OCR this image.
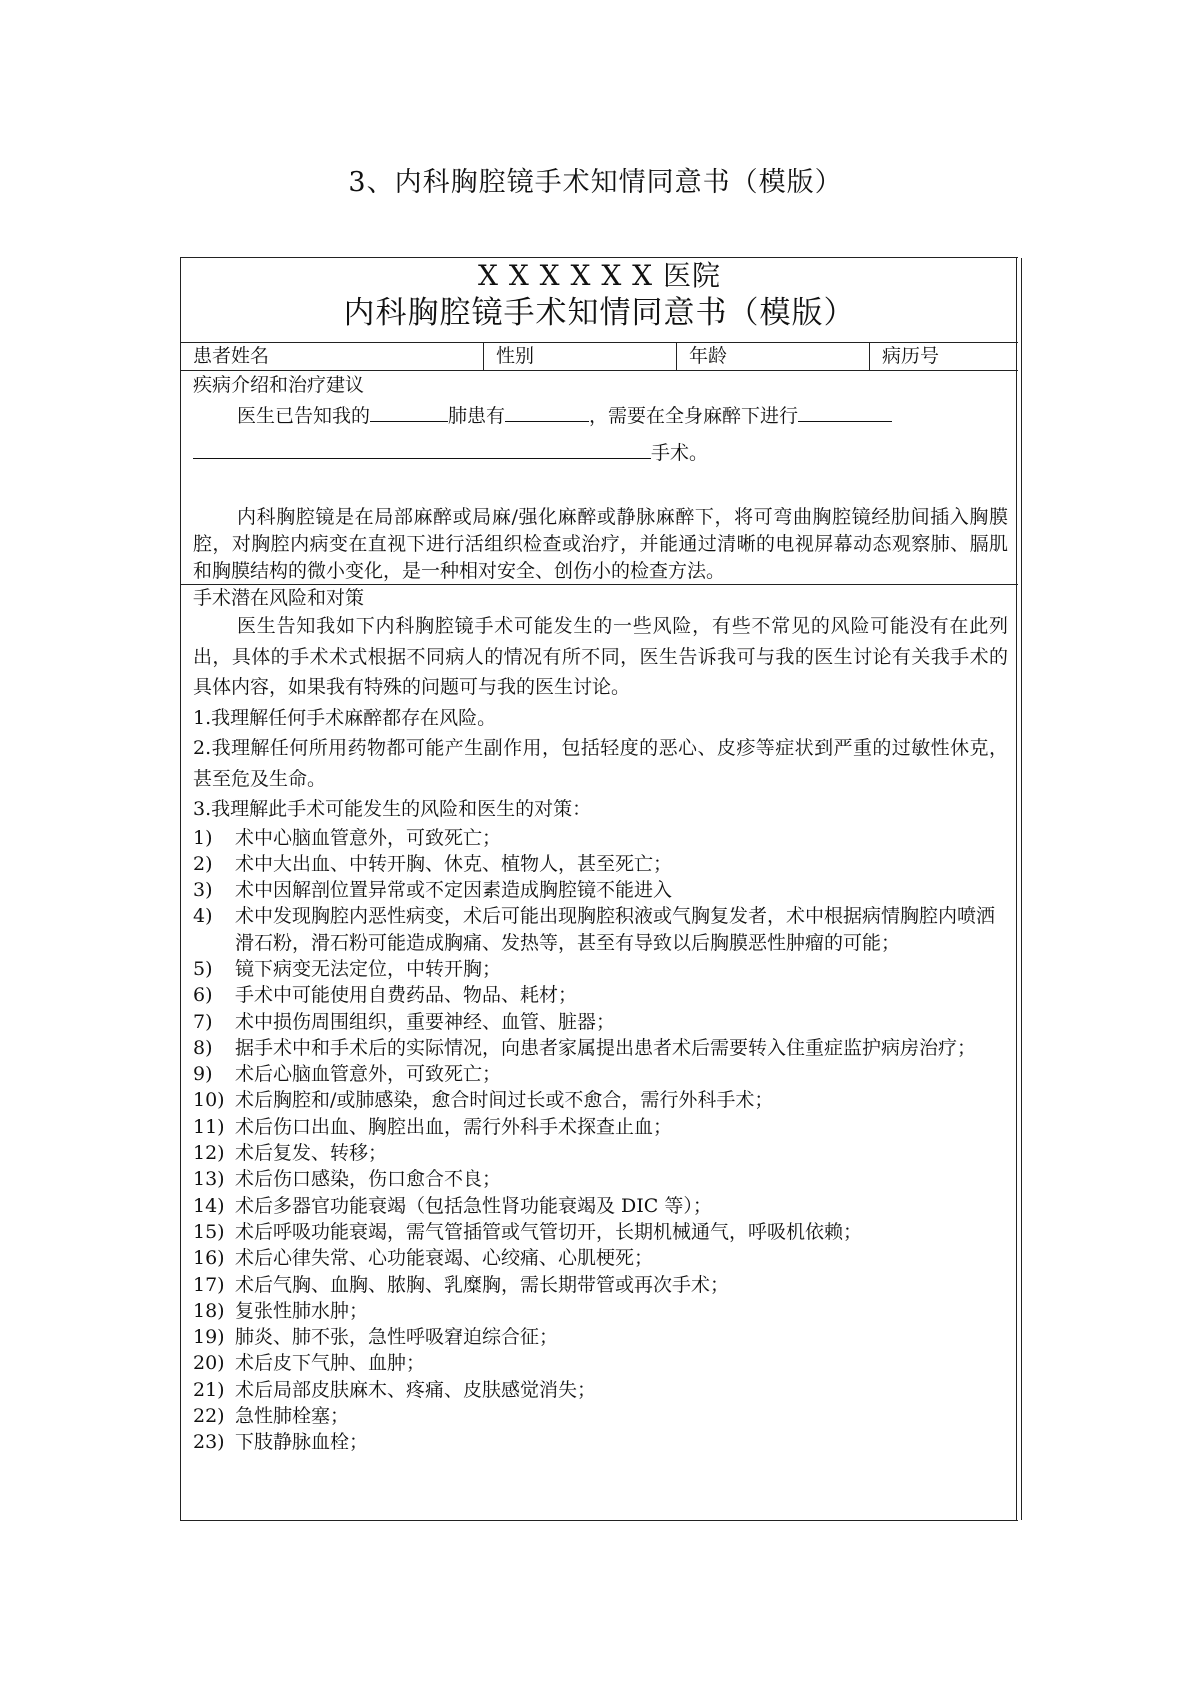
3、内科胸腔镜手术知情同意书（模版）
X X X X X X 医院
内科胸腔镜手术知情同意书（模版）
患者姓名	性别	年龄	病历号
疾病介绍和治疗建议
医生已告知我的	肺患有	，需要在全身麻醉下进行
手术。
内科胸腔镜是在局部麻醉或局麻/强化麻醉或静脉麻醉下，将可弯曲胸腔镜经肋间插入胸膜腔，对胸腔内病变在直视下进行活组织检查或治疗，并能通过清晰的电视屏幕动态观察肺、膈肌和胸膜结构的微小变化，是一种相对安全、创伤小的检查方法。
手术潜在风险和对策

医生告知我如下内科胸腔镜手术可能发生的一些风险，有些不常见的风险可能没有在此列出，具体的手术术式根据不同病人的情况有所不同，医生告诉我可与我的医生讨论有关我手术的具体内容，如果我有特殊的问题可与我的医生讨论。

1.我理解任何手术麻醉都存在风险。

2.我理解任何所用药物都可能产生副作用，包括轻度的恶心、皮疹等症状到严重的过敏性休克，甚至危及生命。

3.我理解此手术可能发生的风险和医生的对策：

1)	术中心脑血管意外，可致死亡；
2)	术中大出血、中转开胸、休克、植物人，甚至死亡；
3)	术中因解剖位置异常或不定因素造成胸腔镜不能进入
4)	术中发现胸腔内恶性病变，术后可能出现胸腔积液或气胸复发者，术中根据病情胸腔内喷洒滑石粉，滑石粉可能造成胸痛、发热等，甚至有导致以后胸膜恶性肿瘤的可能；
5)	镜下病变无法定位，中转开胸；
6)	手术中可能使用自费药品、物品、耗材；
7)	术中损伤周围组织，重要神经、血管、脏器；
8)	据手术中和手术后的实际情况，向患者家属提出患者术后需要转入住重症监护病房治疗；
9)	术后心脑血管意外，可致死亡；
10) 术后胸腔和/或肺感染，愈合时间过长或不愈合，需行外科手术；
11) 术后伤口出血、胸腔出血，需行外科手术探查止血；
12) 术后复发、转移；
13) 术后伤口感染，伤口愈合不良；
14) 术后多器官功能衰竭（包括急性肾功能衰竭及 DIC 等）；
15) 术后呼吸功能衰竭，需气管插管或气管切开，长期机械通气，呼吸机依赖；
16) 术后心律失常、心功能衰竭、心绞痛、心肌梗死；
17) 术后气胸、血胸、脓胸、乳糜胸，需长期带管或再次手术；
18) 复张性肺水肿；
19) 肺炎、肺不张，急性呼吸窘迫综合征；
20) 术后皮下气肿、血肿；
21) 术后局部皮肤麻木、疼痛、皮肤感觉消失；
22) 急性肺栓塞；
23) 下肢静脉血栓；
